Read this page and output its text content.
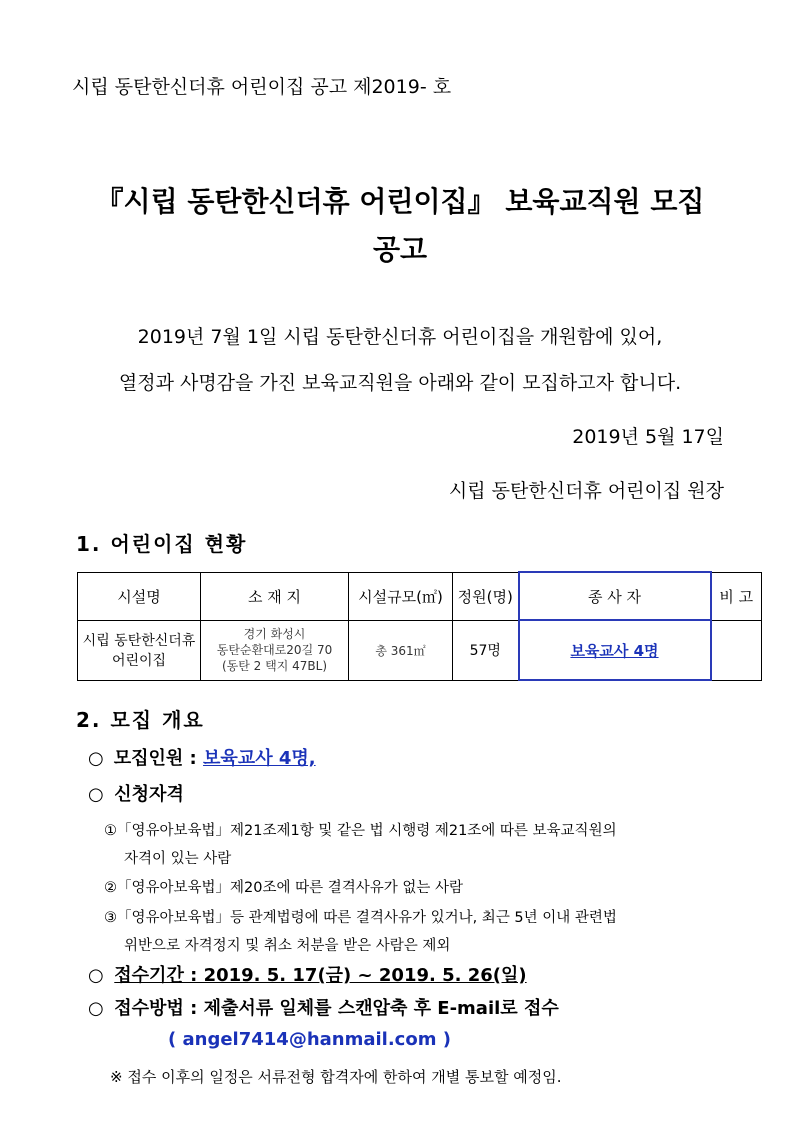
시립 동탄한신더휴 어린이집 공고 제2019- 호
『시립 동탄한신더휴 어린이집』 보육교직원 모집
공고
2019년 7월 1일 시립 동탄한신더휴 어린이집을 개원함에 있어,
열정과 사명감을 가진 보육교직원을 아래와 같이 모집하고자 합니다.
2019년 5월 17일
시립 동탄한신더휴 어린이집 원장
1. 어린이집 현황
시설명	소 재 지	시설규모(㎡)	정원(명)	종 사 자	비 고
시립 동탄한신더휴 어린이집	경기 화성시
동탄순환대로20길 70
(동탄 2 택지 47BL)	총 361㎡	57명	보육교사 4명	
2. 모집 개요
○ 모집인원 : 보육교사 4명,
○ 신청자격
①「영유아보육법」제21조제1항 및 같은 법 시행령 제21조에 따른 보육교직원의
자격이 있는 사람
②「영유아보육법」제20조에 따른 결격사유가 없는 사람
③「영유아보육법」등 관계법령에 따른 결격사유가 있거나, 최근 5년 이내 관련법
위반으로 자격정지 및 취소 처분을 받은 사람은 제외
○ 접수기간 : 2019. 5. 17(금) ~ 2019. 5. 26(일)
○ 접수방법 : 제출서류 일체를 스캔압축 후 E-mail로 접수
( angel7414@hanmail.com )
※ 접수 이후의 일정은 서류전형 합격자에 한하여 개별 통보할 예정임.
